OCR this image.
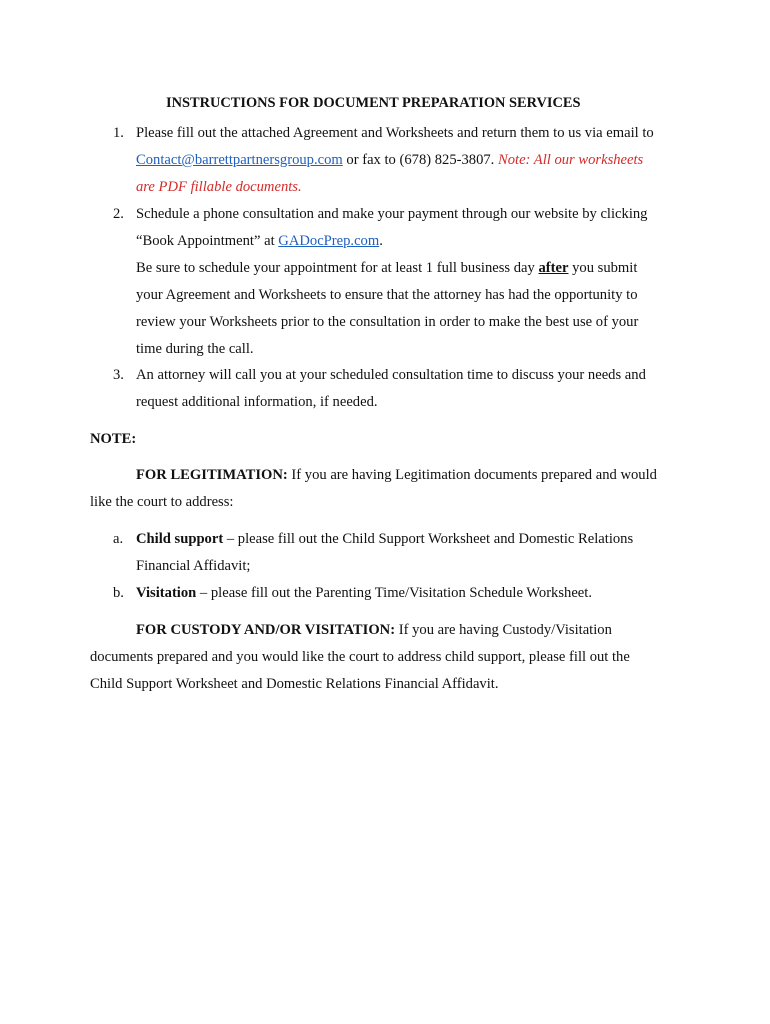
INSTRUCTIONS FOR DOCUMENT PREPARATION SERVICES
1. Please fill out the attached Agreement and Worksheets and return them to us via email to
Contact@barrettpartnersgroup.com or fax to (678) 825-3807. Note: All our worksheets
are PDF fillable documents.
2. Schedule a phone consultation and make your payment through our website by clicking
“Book Appointment” at GADocPrep.com.
Be sure to schedule your appointment for at least 1 full business day after you submit
your Agreement and Worksheets to ensure that the attorney has had the opportunity to
review your Worksheets prior to the consultation in order to make the best use of your
time during the call.
3. An attorney will call you at your scheduled consultation time to discuss your needs and
request additional information, if needed.
NOTE:
FOR LEGITIMATION: If you are having Legitimation documents prepared and would
like the court to address:
a. Child support – please fill out the Child Support Worksheet and Domestic Relations
Financial Affidavit;
b. Visitation – please fill out the Parenting Time/Visitation Schedule Worksheet.
FOR CUSTODY AND/OR VISITATION: If you are having Custody/Visitation
documents prepared and you would like the court to address child support, please fill out the
Child Support Worksheet and Domestic Relations Financial Affidavit.
